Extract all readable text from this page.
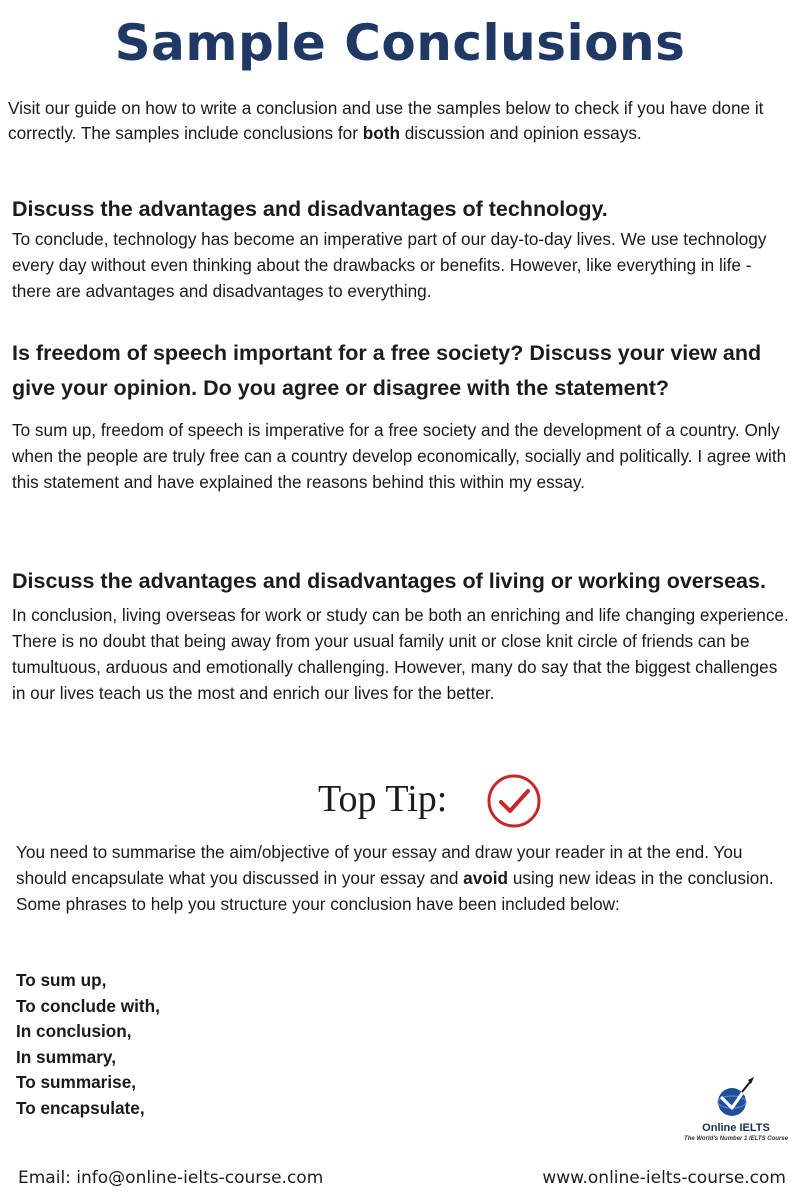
Sample Conclusions

Visit our guide on how to write a conclusion and use the samples below to check if you have done it correctly. The samples include conclusions for both discussion and opinion essays.

Discuss the advantages and disadvantages of technology.

To conclude, technology has become an imperative part of our day-to-day lives. We use technology every day without even thinking about the drawbacks or benefits. However, like everything in life - there are advantages and disadvantages to everything.

Is freedom of speech important for a free society? Discuss your view and give your opinion. Do you agree or disagree with the statement?

To sum up, freedom of speech is imperative for a free society and the development of a country. Only when the people are truly free can a country develop economically, socially and politically. I agree with this statement and have explained the reasons behind this within my essay.

Discuss the advantages and disadvantages of living or working overseas.

In conclusion, living overseas for work or study can be both an enriching and life changing experience. There is no doubt that being away from your usual family unit or close knit circle of friends can be tumultuous, arduous and emotionally challenging. However, many do say that the biggest challenges in our lives teach us the most and enrich our lives for the better.

Top Tip:

You need to summarise the aim/objective of your essay and draw your reader in at the end. You should encapsulate what you discussed in your essay and avoid using new ideas in the conclusion. Some phrases to help you structure your conclusion have been included below:

To sum up,
To conclude with,
In conclusion,
In summary,
To summarise,
To encapsulate,
Online IELTS
The World's Number 1 IELTS Course
Email: info@online-ielts-course.com	www.online-ielts-course.com
